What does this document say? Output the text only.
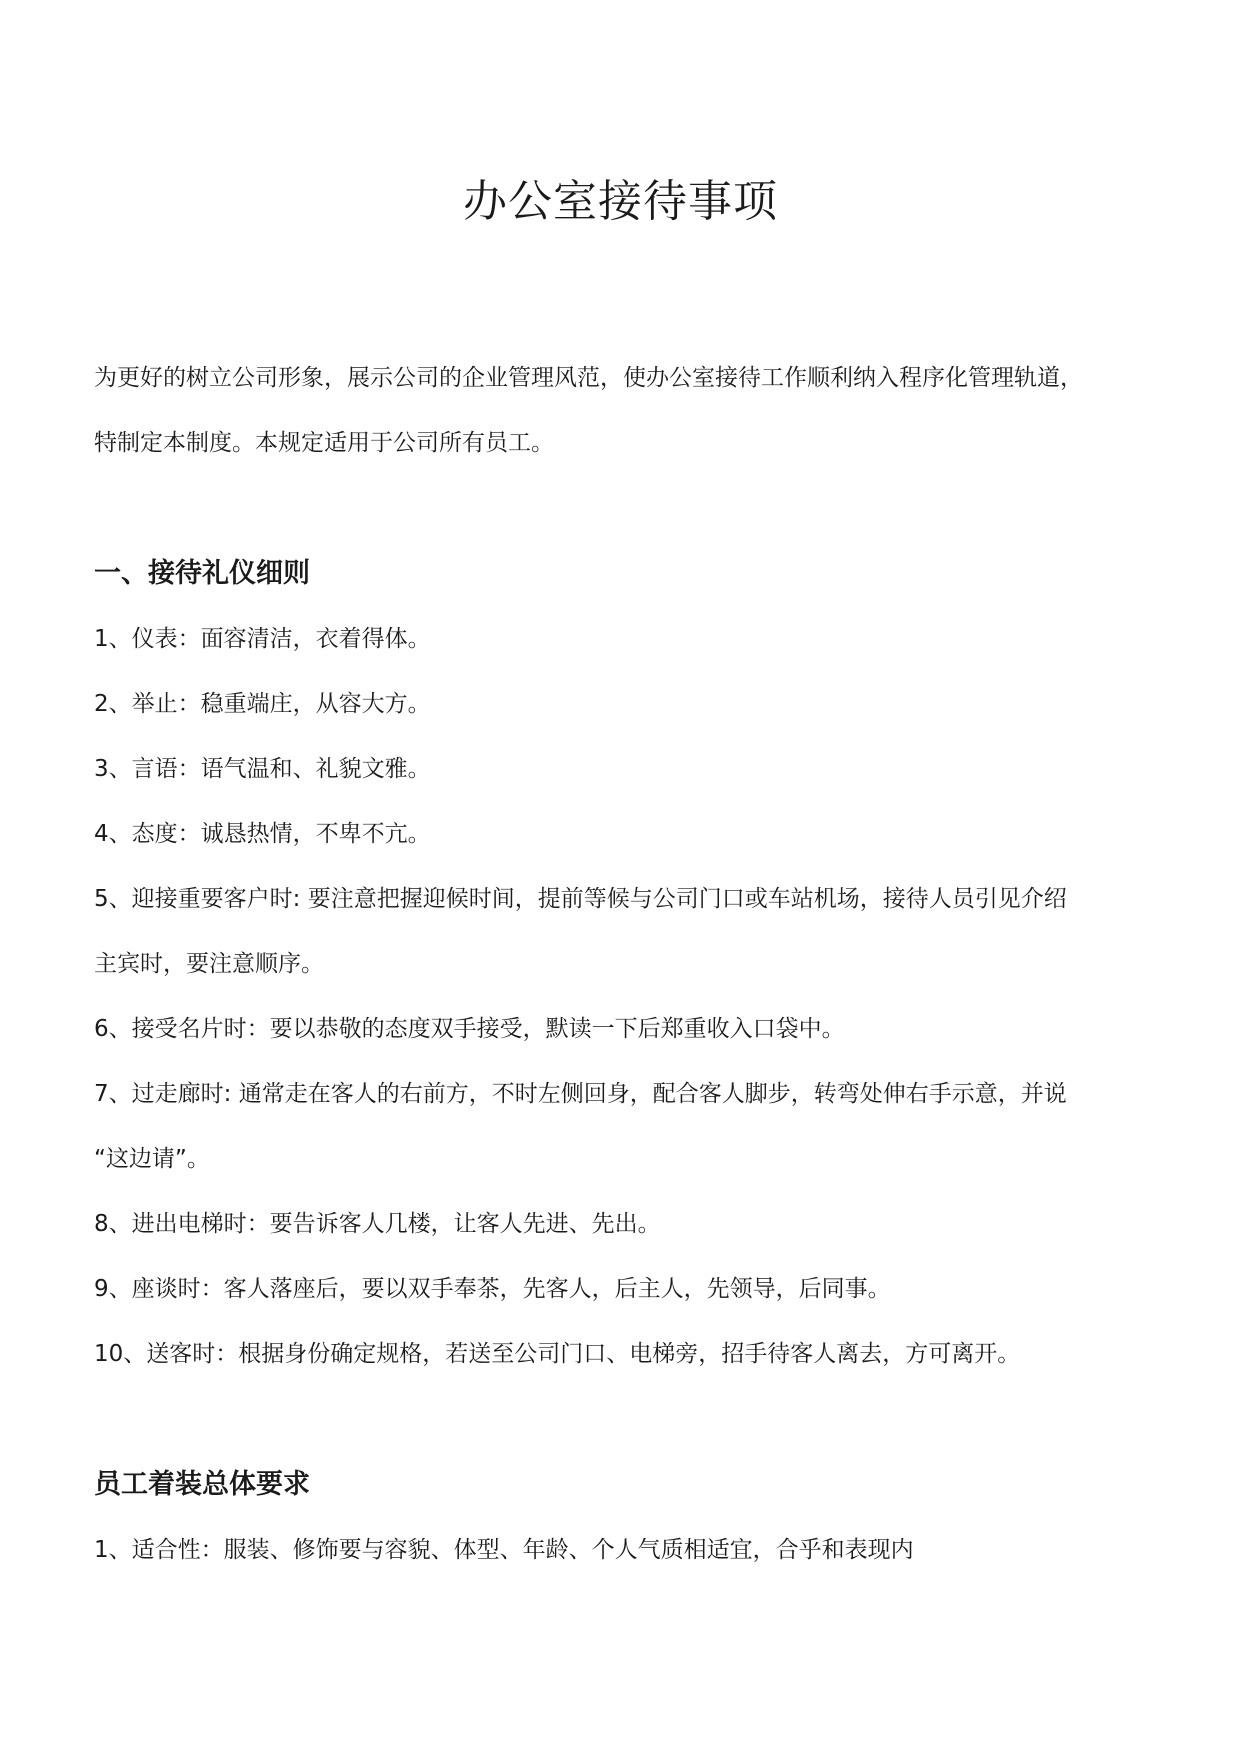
办公室接待事项
为更好的树立公司形象，展示公司的企业管理风范，使办公室接待工作顺利纳入程序化管理轨道，
特制定本制度。本规定适用于公司所有员工。
一、接待礼仪细则
1、仪表：面容清洁，衣着得体。
2、举止：稳重端庄，从容大方。
3、言语：语气温和、礼貌文雅。
4、态度：诚恳热情，不卑不亢。
5、迎接重要客户时: 要注意把握迎候时间，提前等候与公司门口或车站机场，接待人员引见介绍
主宾时，要注意顺序。
6、接受名片时：要以恭敬的态度双手接受，默读一下后郑重收入口袋中。
7、过走廊时: 通常走在客人的右前方，不时左侧回身，配合客人脚步，转弯处伸右手示意，并说
“这边请”。
8、进出电梯时：要告诉客人几楼，让客人先进、先出。
9、座谈时：客人落座后，要以双手奉茶，先客人，后主人，先领导，后同事。
10、送客时：根据身份确定规格，若送至公司门口、电梯旁，招手待客人离去，方可离开。
员工着装总体要求
1、适合性：服装、修饰要与容貌、体型、年龄、个人气质相适宜，合乎和表现内
